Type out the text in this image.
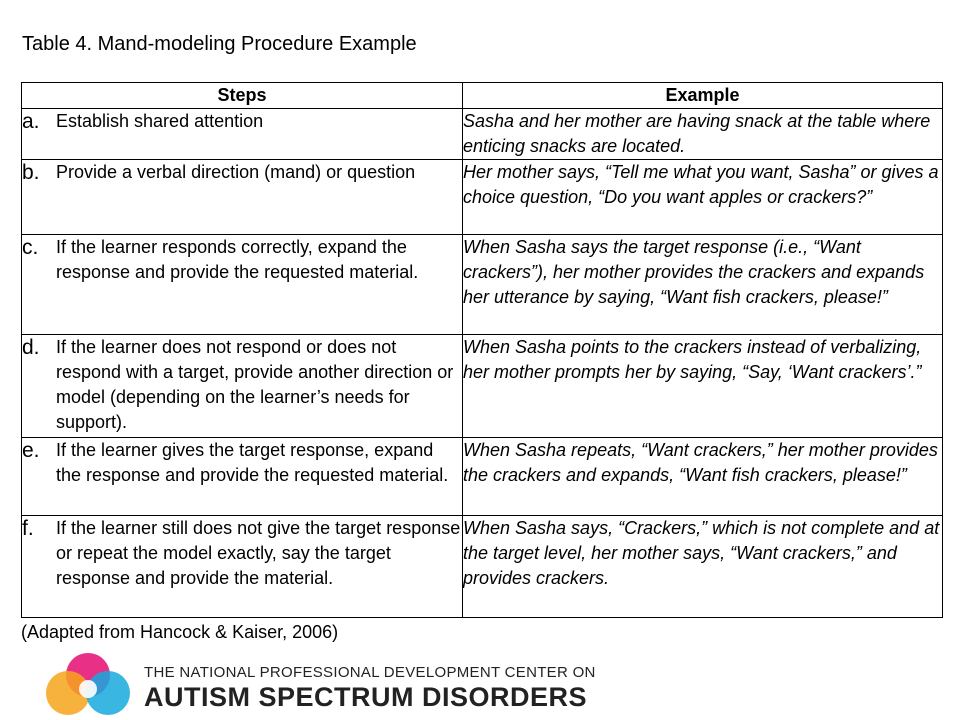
Table 4. Mand-modeling Procedure Example
Steps	Example

a. Establish shared attention	Sasha and her mother are having snack at the table where enticing snacks are located.

b. Provide a verbal direction (mand) or question	Her mother says, “Tell me what you want, Sasha” or gives a choice question, “Do you want apples or crackers?”

c. If the learner responds correctly, expand the response and provide the requested material.	When Sasha says the target response (i.e., “Want crackers”), her mother provides the crackers and expands her utterance by saying, “Want fish crackers, please!”

d. If the learner does not respond or does not respond with a target, provide another direction or model (depending on the learner’s needs for support).	When Sasha points to the crackers instead of verbalizing, her mother prompts her by saying, “Say, ‘Want crackers’.”

e. If the learner gives the target response, expand the response and provide the requested material.	When Sasha repeats, “Want crackers,” her mother provides the crackers and expands, “Want fish crackers, please!”

f. If the learner still does not give the target response or repeat the model exactly, say the target response and provide the material.	When Sasha says, “Crackers,” which is not complete and at the target level, her mother says, “Want crackers,” and provides crackers.
(Adapted from Hancock & Kaiser, 2006)
THE NATIONAL PROFESSIONAL DEVELOPMENT CENTER ON
AUTISM SPECTRUM DISORDERS
